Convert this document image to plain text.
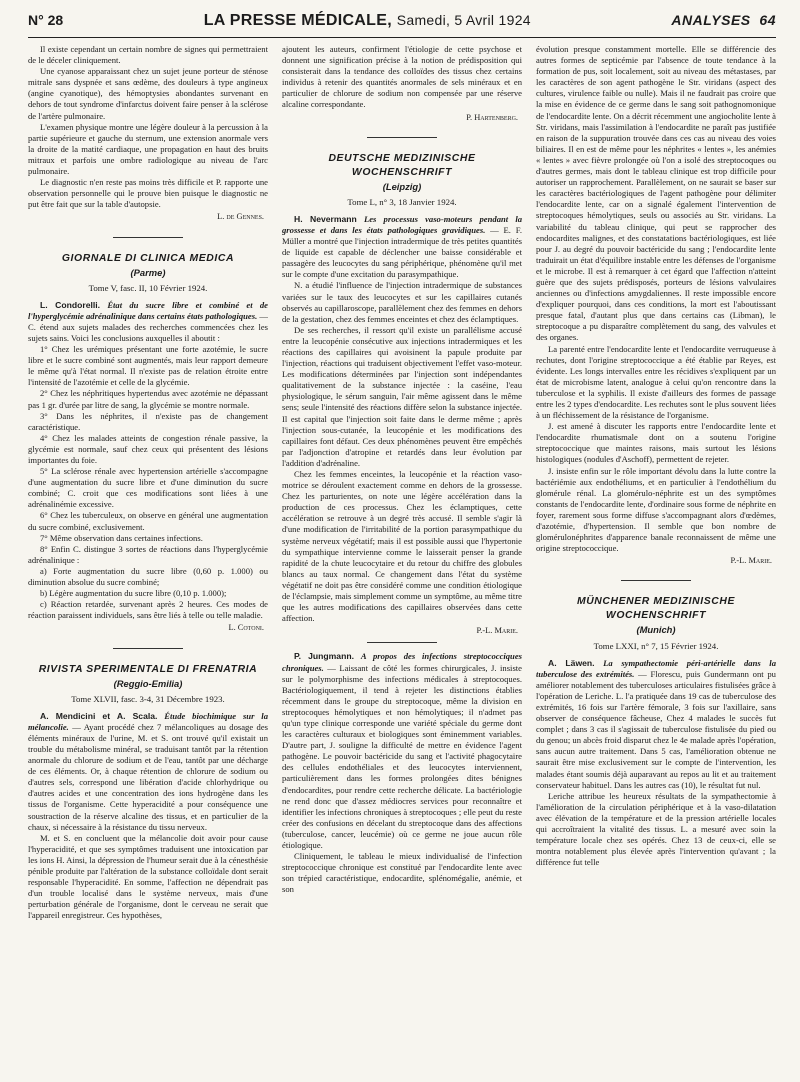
N° 28	LA PRESSE MÉDICALE, Samedi, 5 Avril 1924	ANALYSES 64

Il existe cependant un certain nombre de signes qui permettraient de le déceler cliniquement.

Une cyanose apparaissant chez un sujet jeune porteur de sténose mitrale sans dyspnée et sans œdème, des douleurs à type angineux (angine cyanotique), des hémoptysies abondantes survenant en dehors de tout syndrome d'infarctus doivent faire penser à la sclérose de l'artère pulmonaire.

L'examen physique montre une légère douleur à la percussion à la partie supérieure et gauche du sternum, une extension anormale vers la droite de la matité cardiaque, une propagation en haut des bruits mitraux et parfois une ombre radiologique au niveau de l'arc pulmonaire.

Le diagnostic n'en reste pas moins très difficile et P. rapporte une observation personnelle qui le prouve bien puisque le diagnostic ne put être fait que sur la table d'autopsie.

L. de Gennes.
GIORNALE DI CLINICA MEDICA
(Parme)
Tome V, fasc. II, 10 Février 1924.

L. Condorelli. État du sucre libre et combiné et de l'hyperglycémie adrénalinique dans certains états pathologiques. — C. étend aux sujets malades des recherches commencées chez les sujets sains. Voici les conclusions auxquelles il aboutit :

1° Chez les urémiques présentant une forte azotémie, le sucre libre et le sucre combiné sont augmentés, mais leur rapport demeure le même qu'à l'état normal. Il n'existe pas de relation étroite entre l'intensité de l'azotémie et celle de la glycémie.

2° Chez les néphritiques hypertendus avec azotémie ne dépassant pas 1 gr. d'urée par litre de sang, la glycémie se montre normale.

3° Dans les néphrites, il n'existe pas de changement caractéristique.

4° Chez les malades atteints de congestion rénale passive, la glycémie est normale, sauf chez ceux qui présentent des lésions importantes du foie.

5° La sclérose rénale avec hypertension artérielle s'accompagne d'une augmentation du sucre libre et d'une diminution du sucre combiné; C. croit que ces modifications sont liées à une adrénalinémie excessive.

6° Chez les tuberculeux, on observe en général une augmentation du sucre combiné, exclusivement.

7° Même observation dans certaines infections.

8° Enfin C. distingue 3 sortes de réactions dans l'hyperglycémie adrénalinique :

a) Forte augmentation du sucre libre (0,60 p. 1.000) ou diminution absolue du sucre combiné;

b) Légère augmentation du sucre libre (0,10 p. 1.000);

c) Réaction retardée, survenant après 2 heures. Ces modes de réaction paraissent individuels, sans être liés à telle ou telle maladie.

L. Cotoni.
RIVISTA SPERIMENTALE DI FRENATRIA
(Reggio-Emilia)
Tome XLVII, fasc. 3-4, 31 Décembre 1923.

A. Mendicini et A. Scala. Étude biochimique sur la mélancolie. — Ayant procédé chez 7 mélancoliques au dosage des éléments minéraux de l'urine, M. et S. ont trouvé qu'il existait un trouble du métabolisme minéral, se traduisant tantôt par la rétention anormale du chlorure de sodium et de l'eau, tantôt par une décharge de ces éléments. Or, à chaque rétention de chlorure de sodium ou d'autres sels, correspond une libération d'acide chlorhydrique ou d'autres acides et une concentration des ions hydrogène dans les tissus de l'organisme. Cette hyperacidité a pour conséquence une soustraction de la réserve alcaline des tissus, et en particulier de la chaux, si nécessaire à la résistance du tissu nerveux.

M. et S. en concluent que la mélancolie doit avoir pour cause l'hyperacidité, et que ses symptômes traduisent une intoxication par les ions H. Ainsi, la dépression de l'humeur serait due à la cénesthésie pénible produite par l'altération de la substance colloïdale dont serait responsable l'hyperacidité. En somme, l'affection ne dépendrait pas d'un trouble localisé dans le système nerveux, mais d'une perturbation générale de l'organisme, dont le cerveau ne serait que l'appareil enregistreur. Ces hypothèses,

ajoutent les auteurs, confirment l'étiologie de cette psychose et donnent une signification précise à la notion de prédisposition qui consisterait dans la tendance des colloïdes des tissus chez certains individus à retenir des quantités anormales de sels minéraux et en particulier de chlorure de sodium non compensée par une réserve alcaline correspondante.

P. Hartenberg.
DEUTSCHE MEDIZINISCHE WOCHENSCHRIFT
(Leipzig)
Tome L, n° 3, 18 Janvier 1924.

H. Nevermann Les processus vaso-moteurs pendant la grossesse et dans les états pathologiques gravidiques. — E. F. Müller a montré que l'injection intradermique de très petites quantités de liquide est capable de déclencher une baisse considérable et passagère des leucocytes du sang périphérique, phénomène qu'il met sur le compte d'une excitation du parasympathique.

N. a étudié l'influence de l'injection intradermique de substances variées sur le taux des leucocytes et sur les capillaires cutanés observés au capillaroscope, parallèlement chez des femmes en dehors de la gestation, chez des femmes enceintes et chez des éclamptiques.

De ses recherches, il ressort qu'il existe un parallélisme accusé entre la leucopénie consécutive aux injections intradermiques et les réactions des capillaires qui avoisinent la papule produite par l'injection, réactions qui traduisent objectivement l'effet vaso-moteur. Les modifications déterminées par l'injection sont indépendantes qualitativement de la substance injectée : la caséine, l'eau physiologique, le sérum sanguin, l'air même agissent dans le même sens; seule l'intensité des réactions diffère selon la substance injectée. Il est capital que l'injection soit faite dans le derme même ; après l'injection sous-cutanée, la leucopénie et les modifications des capillaires font défaut. Ces deux phénomènes peuvent être empêchés par l'adjonction d'atropine et retardés dans leur évolution par l'addition d'adrénaline.

Chez les femmes enceintes, la leucopénie et la réaction vaso-motrice se déroulent exactement comme en dehors de la grossesse. Chez les parturientes, on note une légère accélération dans la production de ces processus. Chez les éclamptiques, cette accélération se retrouve à un degré très accusé. Il semble s'agir là d'une modification de l'irritabilité de la portion parasympathique du système nerveux végétatif; mais il est possible aussi que l'hypertonie du sympathique intervienne comme le laisserait penser la grande rapidité de la chute leucocytaire et du retour du chiffre des globules blancs au taux normal. Ce changement dans l'état du système végétatif ne doit pas être considéré comme une condition étiologique de l'éclampsie, mais simplement comme un symptôme, au même titre que les autres modifications des capillaires observées dans cette affection.

P.-L. Marie.

P. Jungmann. A propos des infections streptococciques chroniques. — Laissant de côté les formes chirurgicales, J. insiste sur le polymorphisme des infections médicales à streptocoques. Bactériologiquement, il tend à rejeter les distinctions établies récemment dans le groupe du streptocoque, même la division en streptocoques hémolytiques et non hémolytiques; il n'admet pas qu'un type clinique corresponde une variété spéciale du germe dont les caractères culturaux et biologiques sont éminemment variables. D'autre part, J. souligne la difficulté de mettre en évidence l'agent pathogène. Le pouvoir bactéricide du sang et l'activité phagocytaire des cellules endothéliales et des leucocytes interviennent, particulièrement dans les formes prolongées dites bénignes d'endocardites, pour rendre cette recherche délicate. La bactériologie ne rend donc que d'assez médiocres services pour reconnaître et identifier les infections chroniques à streptocoques ; elle peut du reste créer des confusions en décelant du streptocoque dans des affections (tuberculose, cancer, leucémie) où ce germe ne joue aucun rôle étiologique.

Cliniquement, le tableau le mieux individualisé de l'infection streptococcique chronique est constitué par l'endocardite lente avec son trépied caractéristique, endocardite, splénomégalie, anémie, et son

évolution presque constamment mortelle. Elle se différencie des autres formes de septicémie par l'absence de toute tendance à la formation de pus, soit localement, soit au niveau des métastases, par les caractères de son agent pathogène le Str. viridans (aspect des cultures, virulence faible ou nulle). Mais il ne faudrait pas croire que la mise en évidence de ce germe dans le sang soit pathognomonique de l'endocardite lente. On a décrit récemment une angiocholite lente à Str. viridans, mais l'assimilation à l'endocardite ne paraît pas justifiée en raison de la suppuration trouvée dans ces cas au niveau des voies biliaires. Il en est de même pour les néphrites « lentes », les anémies « lentes » avec fièvre prolongée où l'on a isolé des streptocoques ou d'autres germes, mais dont le tableau clinique est trop difficile pour autoriser un rapprochement. Parallèlement, on ne saurait se baser sur les caractères bactériologiques de l'agent pathogène pour délimiter l'endocardite lente, car on a signalé également l'intervention de streptocoques hémolytiques, seuls ou associés au Str. viridans. La variabilité du tableau clinique, qui peut se rapprocher des endocardites malignes, et des constatations bactériologiques, est liée pour J. au degré du pouvoir bactéricide du sang ; l'endocardite lente traduirait un état d'équilibre instable entre les défenses de l'organisme et le microbe. Il est à remarquer à cet égard que l'affection n'atteint guère que des sujets prédisposés, porteurs de lésions valvulaires anciennes ou d'infections amygdaliennes. Il reste impossible encore d'expliquer pourquoi, dans ces conditions, la mort est l'aboutissant presque fatal, d'autant plus que dans certains cas (Libman), le streptocoque a pu disparaître complètement du sang, des valvules et des organes.

La parenté entre l'endocardite lente et l'endocardite verruqueuse à rechutes, dont l'origine streptococcique a été établie par Reyes, est évidente. Les longs intervalles entre les récidives s'expliquent par un état de microbisme latent, analogue à celui qu'on rencontre dans la tuberculose et la syphilis. Il existe d'ailleurs des formes de passage entre les 2 types d'endocardite. Les rechutes sont le plus souvent liées à un fléchissement de la résistance de l'organisme.

J. est amené à discuter les rapports entre l'endocardite lente et l'endocardite rhumatismale dont on a soutenu l'origine streptococcique que maintes raisons, mais surtout les lésions histologiques (nodules d'Aschoff), permettent de rejeter.

J. insiste enfin sur le rôle important dévolu dans la lutte contre la bactériémie aux endothéliums, et en particulier à l'endothélium du glomérule rénal. La glomérulo-néphrite est un des symptômes constants de l'endocardite lente, d'ordinaire sous forme de néphrite en foyer, rarement sous forme diffuse s'accompagnant alors d'œdèmes, d'azotémie, d'hypertension. Il semble que bon nombre de glomérulonéphrites d'apparence banale reconnaissent de même une origine streptococcique.

P.-L. Marie.
MÜNCHENER MEDIZINISCHE WOCHENSCHRIFT
(Munich)
Tome LXXI, n° 7, 15 Février 1924.

A. Läwen. La sympathectomie péri-artérielle dans la tuberculose des extrémités. — Florescu, puis Gundermann ont pu améliorer notablement des tuberculoses articulaires fistulisées grâce à l'opération de Leriche. L. l'a pratiquée dans 19 cas de tuberculose des extrémités, 16 fois sur l'artère fémorale, 3 fois sur l'axillaire, sans observer de conséquence fâcheuse, Chez 4 malades le succès fut complet ; dans 3 cas il s'agissait de tuberculose fistulisée du pied ou du genou; un abcès froid disparut chez le 4e malade après l'opération, sans aucun autre traitement. Dans 5 cas, l'amélioration obtenue ne saurait être mise exclusivement sur le compte de l'intervention, les malades étant soumis déjà auparavant au repos au lit et au traitement conservateur habituel. Dans les autres cas (10), le résultat fut nul.

Leriche attribue les heureux résultats de la sympathectomie à l'amélioration de la circulation périphérique et à la vaso-dilatation avec élévation de la température et de la pression artérielle locales qui accroîtraient la vitalité des tissus. L. a mesuré avec soin la température locale chez ses opérés. Chez 13 de ceux-ci, elle se montra notablement plus élevée après l'intervention qu'avant ; la différence fut telle
